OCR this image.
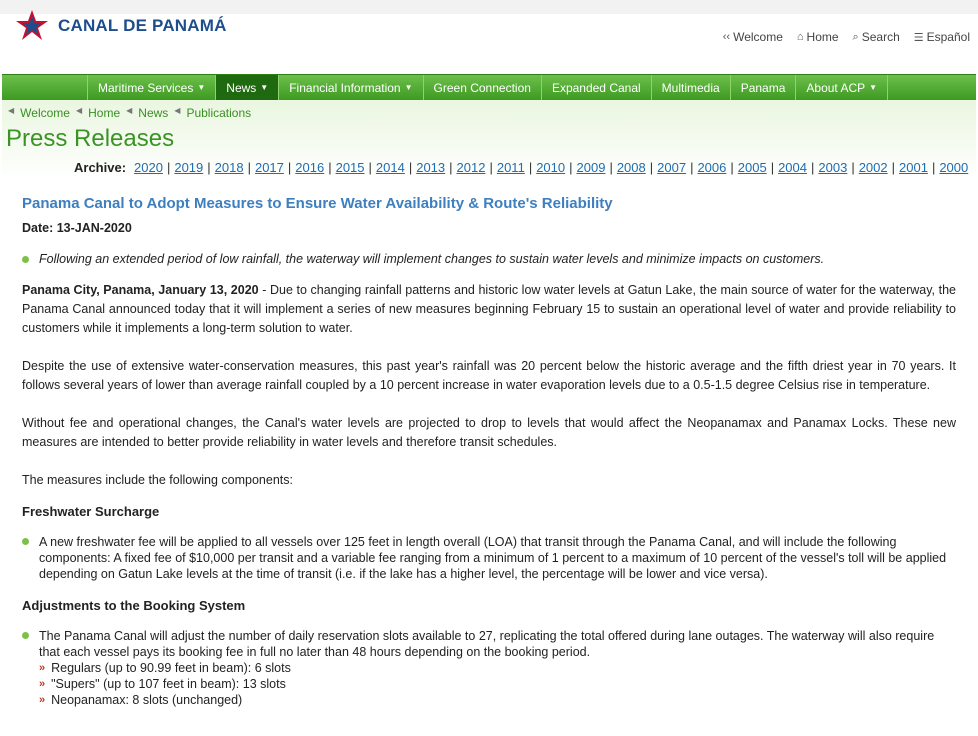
CANAL DE PANAMÁ
‹‹ Welcome ⌂ Home ⌕ Search ☰ Español
Maritime Services ▼ News ▼ Financial Information ▼ Green Connection Expanded Canal Multimedia Panama About ACP ▼
◀ Welcome ◀ Home ◀ News ◀ Publications
Press Releases
Archive: 2020 | 2019 | 2018 | 2017 | 2016 | 2015 | 2014 | 2013 | 2012 | 2011 | 2010 | 2009 | 2008 | 2007 | 2006 | 2005 | 2004 | 2003 | 2002 | 2001 | 2000
Panama Canal to Adopt Measures to Ensure Water Availability & Route's Reliability
Date: 13-JAN-2020
Following an extended period of low rainfall, the waterway will implement changes to sustain water levels and minimize impacts on customers.

Panama City, Panama, January 13, 2020 - Due to changing rainfall patterns and historic low water levels at Gatun Lake, the main source of water for the waterway, the Panama Canal announced today that it will implement a series of new measures beginning February 15 to sustain an operational level of water and provide reliability to customers while it implements a long-term solution to water.

Despite the use of extensive water-conservation measures, this past year's rainfall was 20 percent below the historic average and the fifth driest year in 70 years. It follows several years of lower than average rainfall coupled by a 10 percent increase in water evaporation levels due to a 0.5-1.5 degree Celsius rise in temperature.

Without fee and operational changes, the Canal's water levels are projected to drop to levels that would affect the Neopanamax and Panamax Locks. These new measures are intended to better provide reliability in water levels and therefore transit schedules.

The measures include the following components:

Freshwater Surcharge
A new freshwater fee will be applied to all vessels over 125 feet in length overall (LOA) that transit through the Panama Canal, and will include the following components: A fixed fee of $10,000 per transit and a variable fee ranging from a minimum of 1 percent to a maximum of 10 percent of the vessel's toll will be applied depending on Gatun Lake levels at the time of transit (i.e. if the lake has a higher level, the percentage will be lower and vice versa).
Adjustments to the Booking System
The Panama Canal will adjust the number of daily reservation slots available to 27, replicating the total offered during lane outages. The waterway will also require that each vessel pays its booking fee in full no later than 48 hours depending on the booking period.
» Regulars (up to 90.99 feet in beam): 6 slots
» "Supers" (up to 107 feet in beam): 13 slots
» Neopanamax: 8 slots (unchanged)
